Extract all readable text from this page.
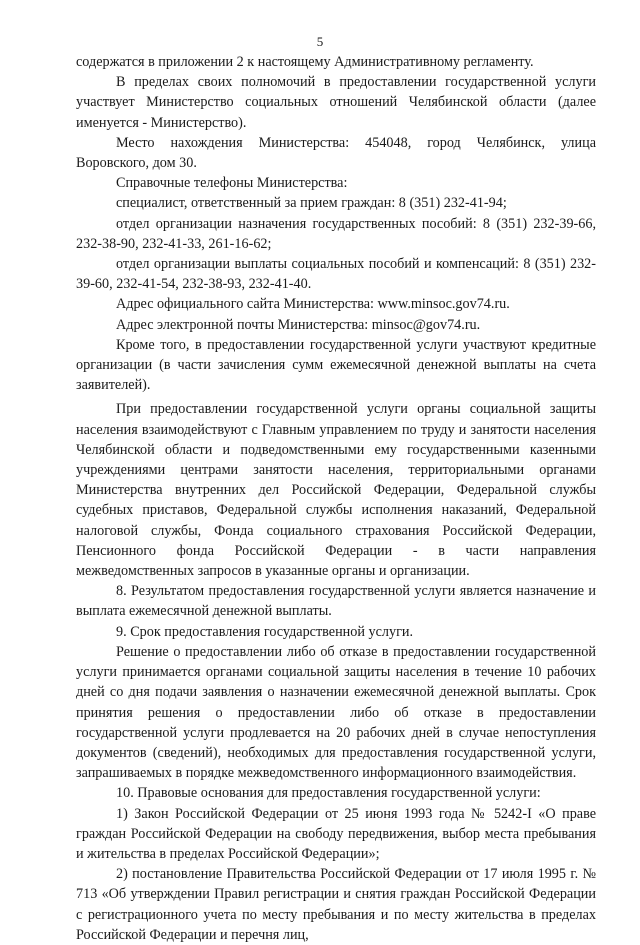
5

содержатся в приложении 2 к настоящему Административному регламенту.

В пределах своих полномочий в предоставлении государственной услуги участвует Министерство социальных отношений Челябинской области (далее именуется - Министерство).

Место нахождения Министерства: 454048, город Челябинск, улица Воровского, дом 30.

Справочные телефоны Министерства:

специалист, ответственный за прием граждан: 8 (351) 232-41-94;

отдел организации назначения государственных пособий: 8 (351) 232-39-66, 232-38-90, 232-41-33, 261-16-62;

отдел организации выплаты социальных пособий и компенсаций: 8 (351) 232-39-60, 232-41-54, 232-38-93, 232-41-40.

Адрес официального сайта Министерства: www.minsoc.gov74.ru.

Адрес электронной почты Министерства: minsoc@gov74.ru.

Кроме того, в предоставлении государственной услуги участвуют кредитные организации (в части зачисления сумм ежемесячной денежной выплаты на счета заявителей).

При предоставлении государственной услуги органы социальной защиты населения взаимодействуют с Главным управлением по труду и занятости населения Челябинской области и подведомственными ему государственными казенными учреждениями центрами занятости населения, территориальными органами Министерства внутренних дел Российской Федерации, Федеральной службы судебных приставов, Федеральной службы исполнения наказаний, Федеральной налоговой службы, Фонда социального страхования Российской Федерации, Пенсионного фонда Российской Федерации - в части направления межведомственных запросов в указанные органы и организации.

8. Результатом предоставления государственной услуги является назначение и выплата ежемесячной денежной выплаты.

9. Срок предоставления государственной услуги.

Решение о предоставлении либо об отказе в предоставлении государственной услуги принимается органами социальной защиты населения в течение 10 рабочих дней со дня подачи заявления о назначении ежемесячной денежной выплаты. Срок принятия решения о предоставлении либо об отказе в предоставлении государственной услуги продлевается на 20 рабочих дней в случае непоступления документов (сведений), необходимых для предоставления государственной услуги, запрашиваемых в порядке межведомственного информационного взаимодействия.

10. Правовые основания для предоставления государственной услуги:

1) Закон Российской Федерации от 25 июня 1993 года № 5242-I «О праве граждан Российской Федерации на свободу передвижения, выбор места пребывания и жительства в пределах Российской Федерации»;

2) постановление Правительства Российской Федерации от 17 июля 1995 г. № 713 «Об утверждении Правил регистрации и снятия граждан Российской Федерации с регистрационного учета по месту пребывания и по месту жительства в пределах Российской Федерации и перечня лиц,
